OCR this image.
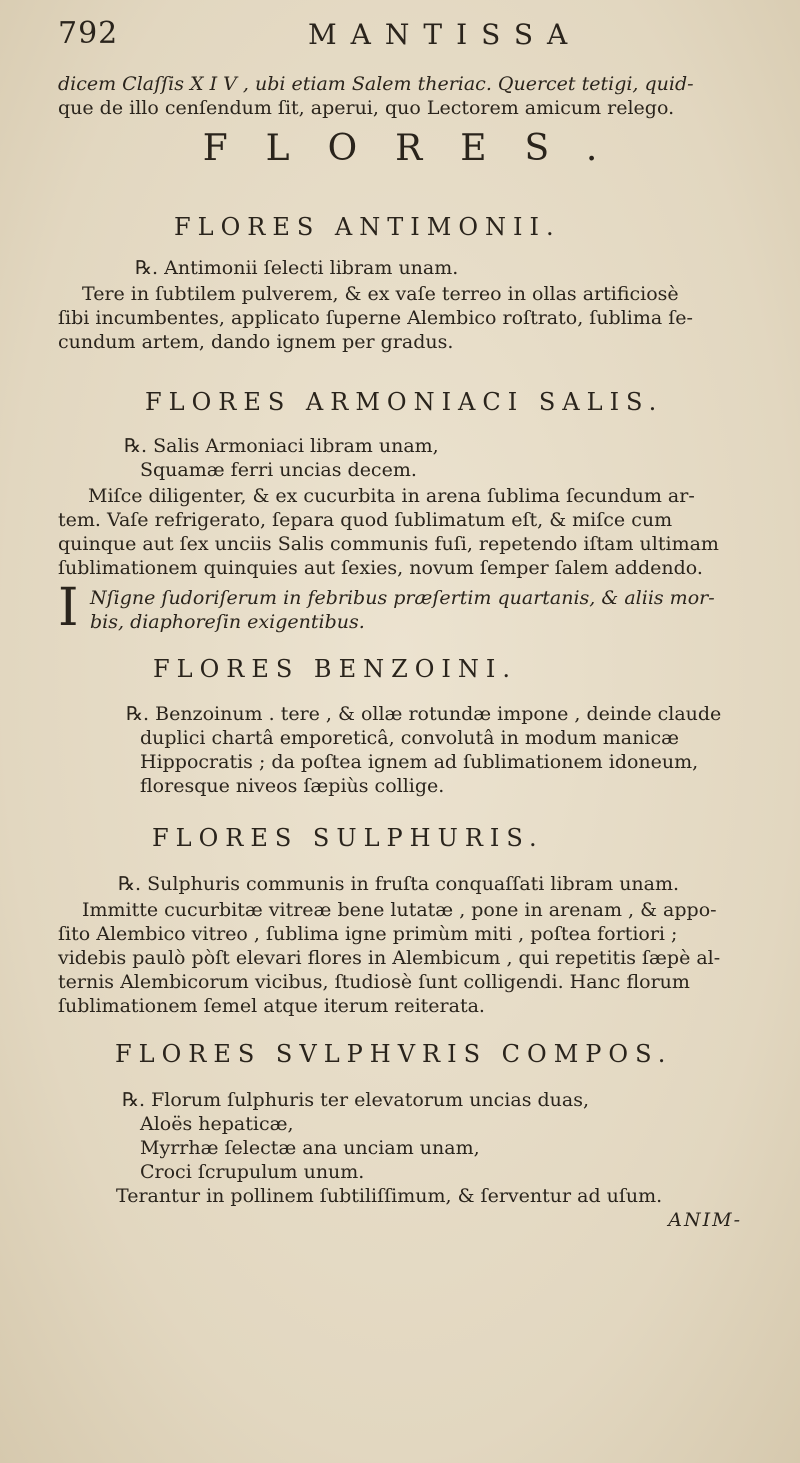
792	MANTISSA
dicem Claſſis X I V , ubi etiam Salem theriac. Quercet tetigi, quid-
que de illo cenſendum ſit, aperui, quo Lectorem amicum relego.
FLORES.
FLORES ANTIMONII.
℞. Antimonii ſelecti libram unam.
Tere in ſubtilem pulverem, & ex vaſe terreo in ollas artificiosè
ſibi incumbentes, applicato ſuperne Alembico roſtrato, ſublima ſe-
cundum artem, dando ignem per gradus.
FLORES ARMONIACI SALIS.
℞. Salis Armoniaci libram unam,
Squamæ ferri uncias decem.
Miſce diligenter, & ex cucurbita in arena ſublima ſecundum ar-
tem. Vaſe refrigerato, ſepara quod ſublimatum eſt, & miſce cum
quinque aut ſex unciis Salis communis fuſi, repetendo iſtam ultimam
ſublimationem quinquies aut ſexies, novum ſemper ſalem addendo.
I Nſigne ſudoriſerum in febribus præſertim quartanis, & aliis mor-
bis, diaphoreſin exigentibus.
FLORES BENZOINI.
℞. Benzoinum . tere , & ollæ rotundæ impone , deinde claude
duplici chartâ emporeticâ, convolutâ in modum manicæ
Hippocratis ; da poſtea ignem ad ſublimationem idoneum,
floresque niveos ſæpiùs collige.
FLORES SULPHURIS.
℞. Sulphuris communis in fruſta conquaſſati libram unam.
Immitte cucurbitæ vitreæ bene lutatæ , pone in arenam , & appo-
ſito Alembico vitreo , ſublima igne primùm miti , poſtea fortiori ;
videbis paulò pòſt elevari flores in Alembicum , qui repetitis ſæpè al-
ternis Alembicorum vicibus, ſtudiosè ſunt colligendi. Hanc florum
ſublimationem ſemel atque iterum reiterata.
FLORES SVLPHVRIS COMPOS.
℞. Florum ſulphuris ter elevatorum uncias duas,
Aloës hepaticæ,
Myrrhæ ſelectæ ana unciam unam,
Croci ſcrupulum unum.
Terantur in pollinem ſubtiliſſimum, & ſerventur ad uſum.
ANIM-
